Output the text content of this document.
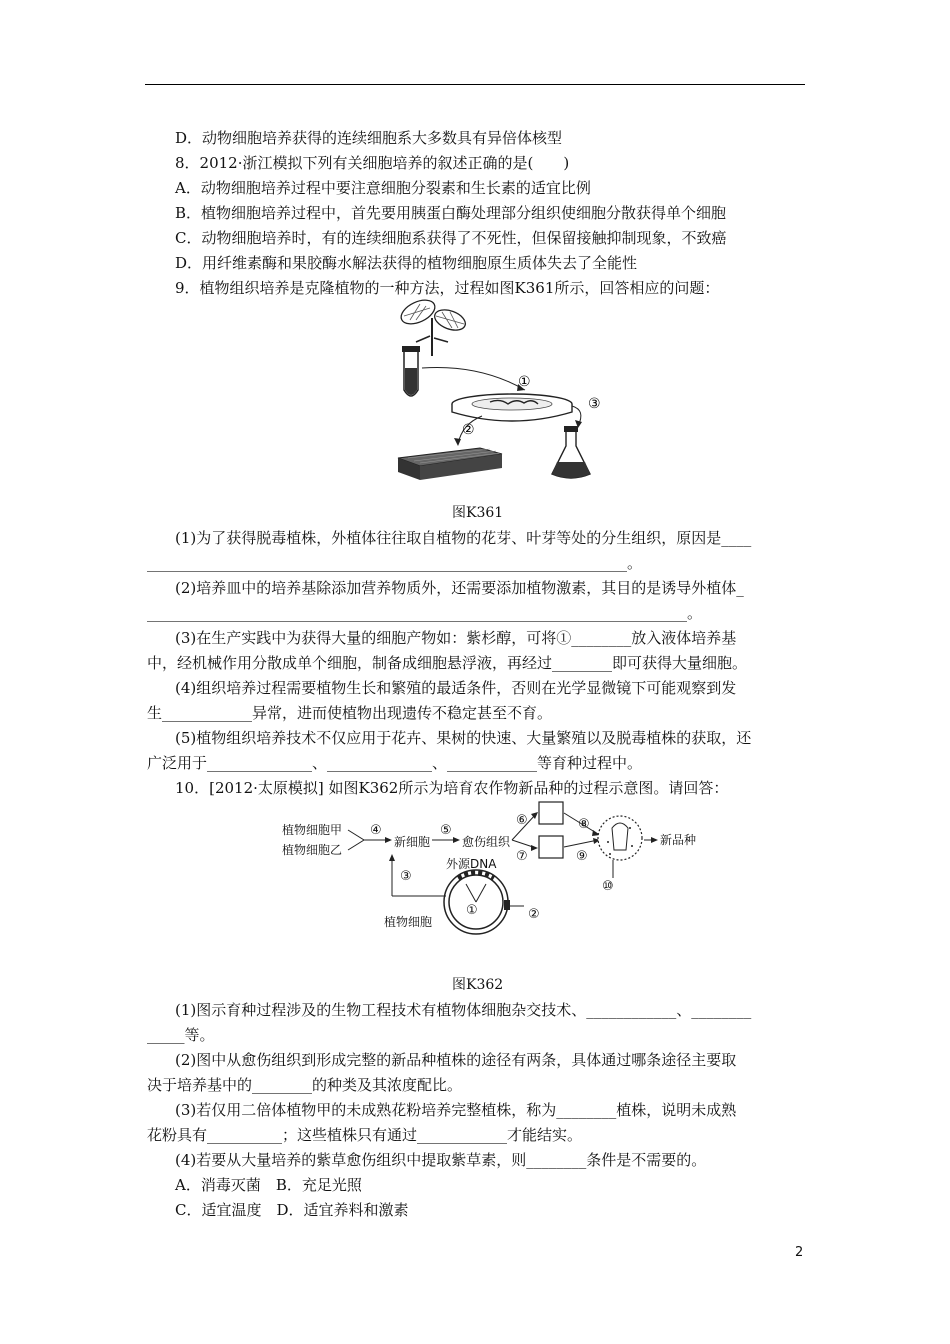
D．动物细胞培养获得的连续细胞系大多数具有异倍体核型
8．2012·浙江模拟下列有关细胞培养的叙述正确的是(　　)
A．动物细胞培养过程中要注意细胞分裂素和生长素的适宜比例
B．植物细胞培养过程中，首先要用胰蛋白酶处理部分组织使细胞分散获得单个细胞
C．动物细胞培养时，有的连续细胞系获得了不死性，但保留接触抑制现象，不致癌
D．用纤维素酶和果胶酶水解法获得的植物细胞原生质体失去了全能性
9．植物组织培养是克隆植物的一种方法，过程如图K361所示，回答相应的问题：
①
②
③
图K361
(1)为了获得脱毒植株，外植体往往取自植物的花芽、叶芽等处的分生组织，原因是____
________________________________________________________________。
(2)培养皿中的培养基除添加营养物质外，还需要添加植物激素，其目的是诱导外植体_
________________________________________________________________________。
(3)在生产实践中为获得大量的细胞产物如：紫杉醇，可将①________放入液体培养基
中，经机械作用分散成单个细胞，制备成细胞悬浮液，再经过________即可获得大量细胞。
(4)组织培养过程需要植物生长和繁殖的最适条件，否则在光学显微镜下可能观察到发
生____________异常，进而使植物出现遗传不稳定甚至不育。
(5)植物组织培养技术不仅应用于花卉、果树的快速、大量繁殖以及脱毒植株的获取，还
广泛用于______________、______________、____________等育种过程中。
10．[2012·太原模拟] 如图K362所示为培育农作物新品种的过程示意图。请回答：
植物细胞甲
植物细胞乙
④
新细胞
⑤
愈伤组织
⑥
⑦
⑧
⑨
新品种
⑩
③
外源DNA
植物细胞
①	②
图K362
(1)图示育种过程涉及的生物工程技术有植物体细胞杂交技术、____________、________
_____等。
(2)图中从愈伤组织到形成完整的新品种植株的途径有两条，具体通过哪条途径主要取
决于培养基中的________的种类及其浓度配比。
(3)若仅用二倍体植物甲的未成熟花粉培养完整植株，称为________植株，说明未成熟
花粉具有__________；这些植株只有通过____________才能结实。
(4)若要从大量培养的紫草愈伤组织中提取紫草素，则________条件是不需要的。
A．消毒灭菌　B．充足光照
C．适宜温度　D．适宜养料和激素
2
